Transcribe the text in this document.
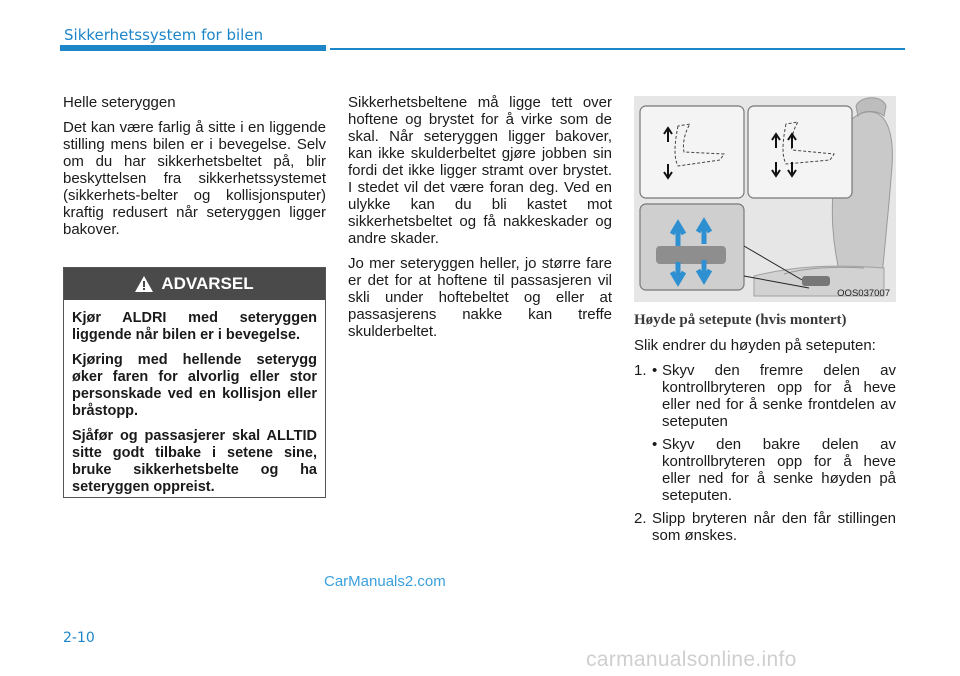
Sikkerhetssystem for bilen

Helle seteryggen

Det kan være farlig å sitte i en liggende stilling mens bilen er i bevegelse. Selv om du har sikkerhetsbeltet på, blir beskyttelsen fra sikkerhetssystemet (sikkerhets-belter og kollisjonsputer) kraftig redusert når seteryggen ligger bakover.

ADVARSEL

Kjør ALDRI med seteryggen liggende når bilen er i bevegelse.

Kjøring med hellende seterygg øker faren for alvorlig eller stor personskade ved en kollisjon eller bråstopp.

Sjåfør og passasjerer skal ALLTID sitte godt tilbake i setene sine, bruke sikkerhetsbelte og ha seteryggen oppreist.

Sikkerhetsbeltene må ligge tett over hoftene og brystet for å virke som de skal. Når seteryggen ligger bakover, kan ikke skulderbeltet gjøre jobben sin fordi det ikke ligger stramt over brystet. I stedet vil det være foran deg. Ved en ulykke kan du bli kastet mot sikkerhetsbeltet og få nakkeskader og andre skader.

Jo mer seteryggen heller, jo større fare er det for at hoftene til passasjeren vil skli under hoftebeltet og eller at passasjerens nakke kan treffe skulderbeltet.

OOS037007
Høyde på setepute (hvis montert)

Slik endrer du høyden på seteputen:

1. • Skyv den fremre delen av kontrollbryteren opp for å heve eller ned for å senke frontdelen av seteputen
• Skyv den bakre delen av kontrollbryteren opp for å heve eller ned for å senke høyden på seteputen.
2. Slipp bryteren når den får stillingen som ønskes.
CarManuals2.com
2-10
carmanualsonline.info
